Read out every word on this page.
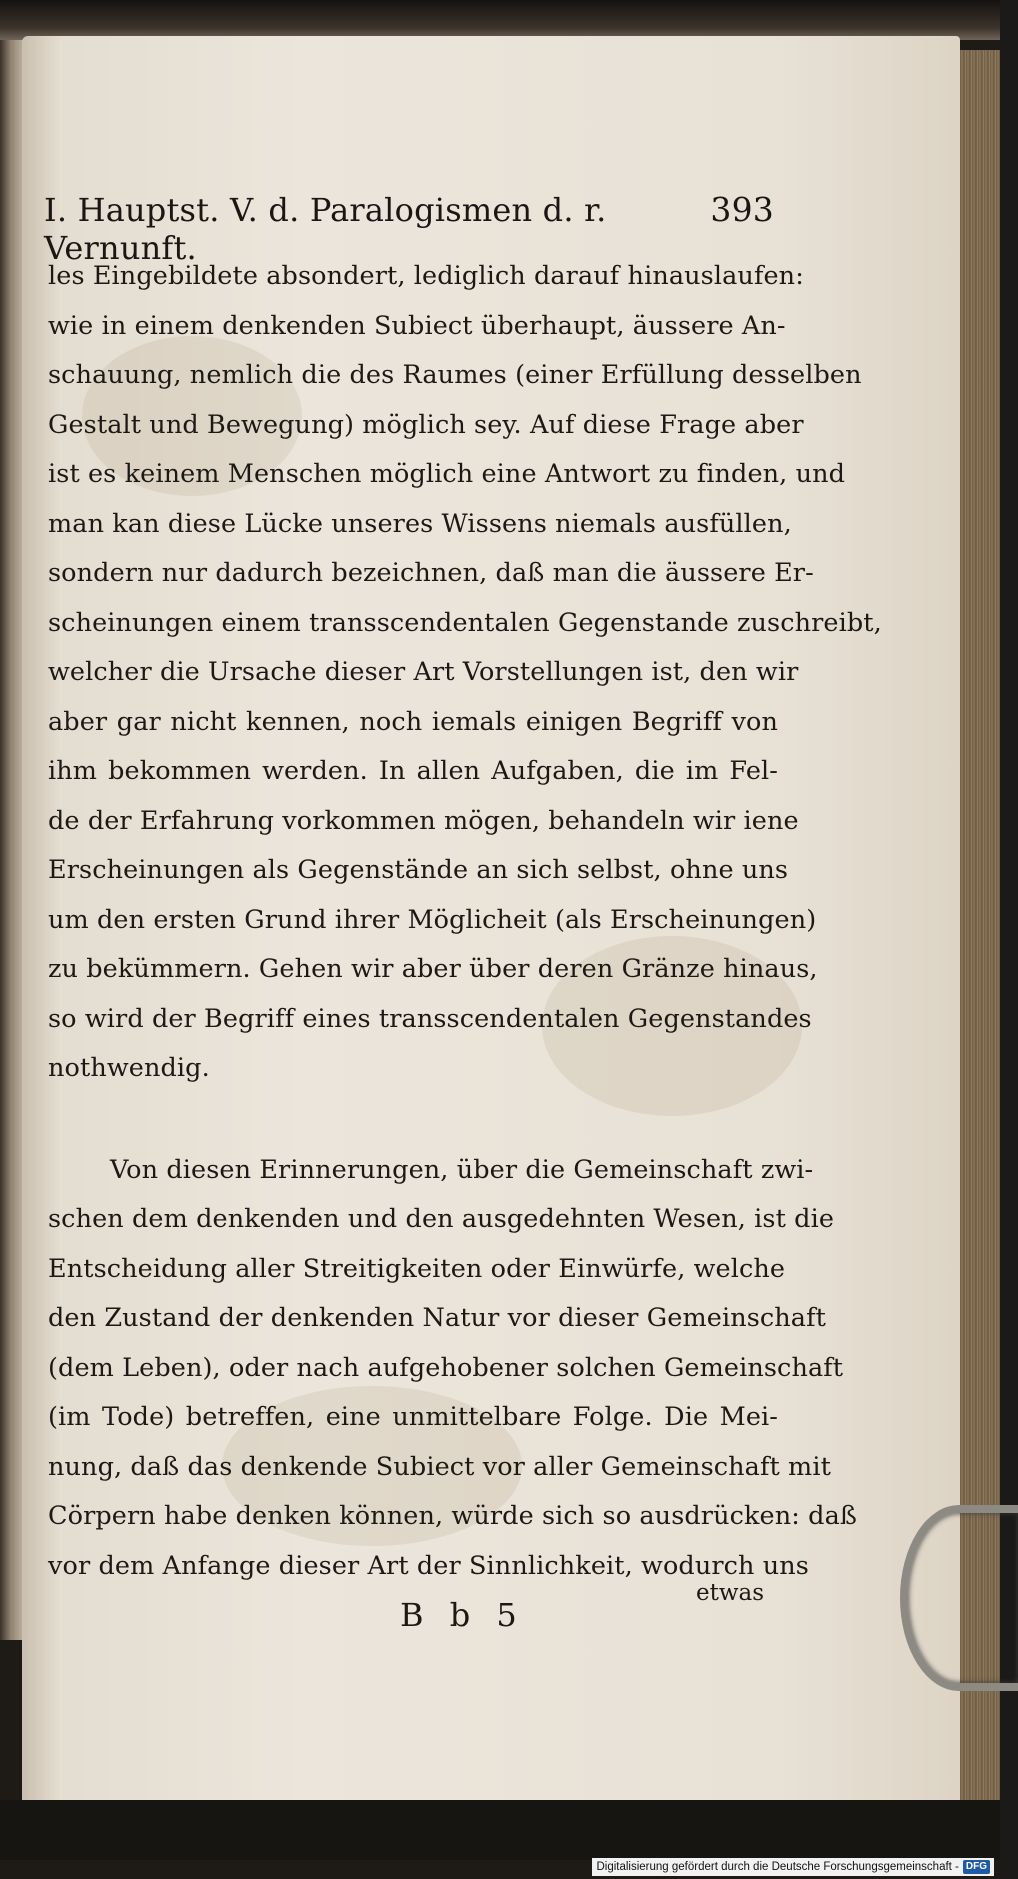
I. Hauptst. V. d. Paralogismen d. r. Vernunft.
393
les Eingebildete absondert, lediglich darauf hinauslaufen:
wie in einem denkenden Subiect überhaupt, äussere An-
schauung, nemlich die des Raumes (einer Erfüllung desselben
Gestalt und Bewegung) möglich sey. Auf diese Frage aber
ist es keinem Menschen möglich eine Antwort zu finden, und
man kan diese Lücke unseres Wissens niemals ausfüllen,
sondern nur dadurch bezeichnen, daß man die äussere Er-
scheinungen einem transscendentalen Gegenstande zuschreibt,
welcher die Ursache dieser Art Vorstellungen ist, den wir
aber gar nicht kennen, noch iemals einigen Begriff von
ihm bekommen werden. In allen Aufgaben, die im Fel-
de der Erfahrung vorkommen mögen, behandeln wir iene
Erscheinungen als Gegenstände an sich selbst, ohne uns
um den ersten Grund ihrer Möglicheit (als Erscheinungen)
zu bekümmern. Gehen wir aber über deren Gränze hinaus,
so wird der Begriff eines transscendentalen Gegenstandes
nothwendig.
Von diesen Erinnerungen, über die Gemeinschaft zwi-
schen dem denkenden und den ausgedehnten Wesen, ist die
Entscheidung aller Streitigkeiten oder Einwürfe, welche
den Zustand der denkenden Natur vor dieser Gemeinschaft
(dem Leben), oder nach aufgehobener solchen Gemeinschaft
(im Tode) betreffen, eine unmittelbare Folge. Die Mei-
nung, daß das denkende Subiect vor aller Gemeinschaft mit
Cörpern habe denken können, würde sich so ausdrücken: daß
vor dem Anfange dieser Art der Sinnlichkeit, wodurch uns
B b 5
etwas
Digitalisierung gefördert durch die Deutsche Forschungsgemeinschaft - DFG
